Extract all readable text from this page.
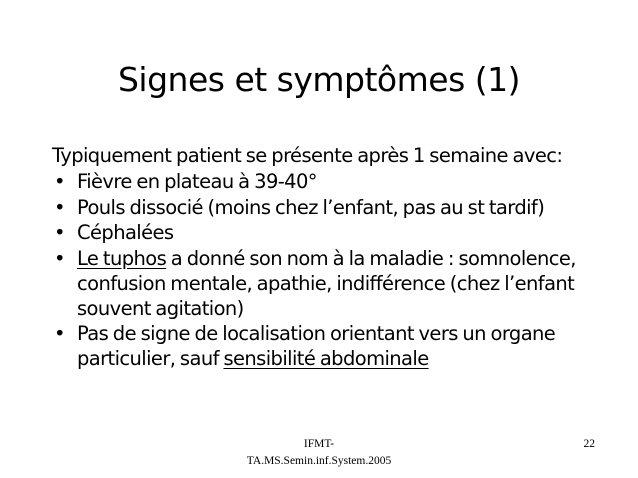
Signes et symptômes (1)

Typiquement patient se présente après 1 semaine avec:

• Fièvre en plateau à 39-40°
• Pouls dissocié (moins chez l’enfant, pas au st tardif)
• Céphalées
• Le tuphos a donné son nom à la maladie : somnolence, confusion mentale, apathie, indifférence (chez l’enfant souvent agitation)
• Pas de signe de localisation orientant vers un organe particulier, sauf sensibilité abdominale
IFMT-
TA.MS.Semin.inf.System.2005
22
